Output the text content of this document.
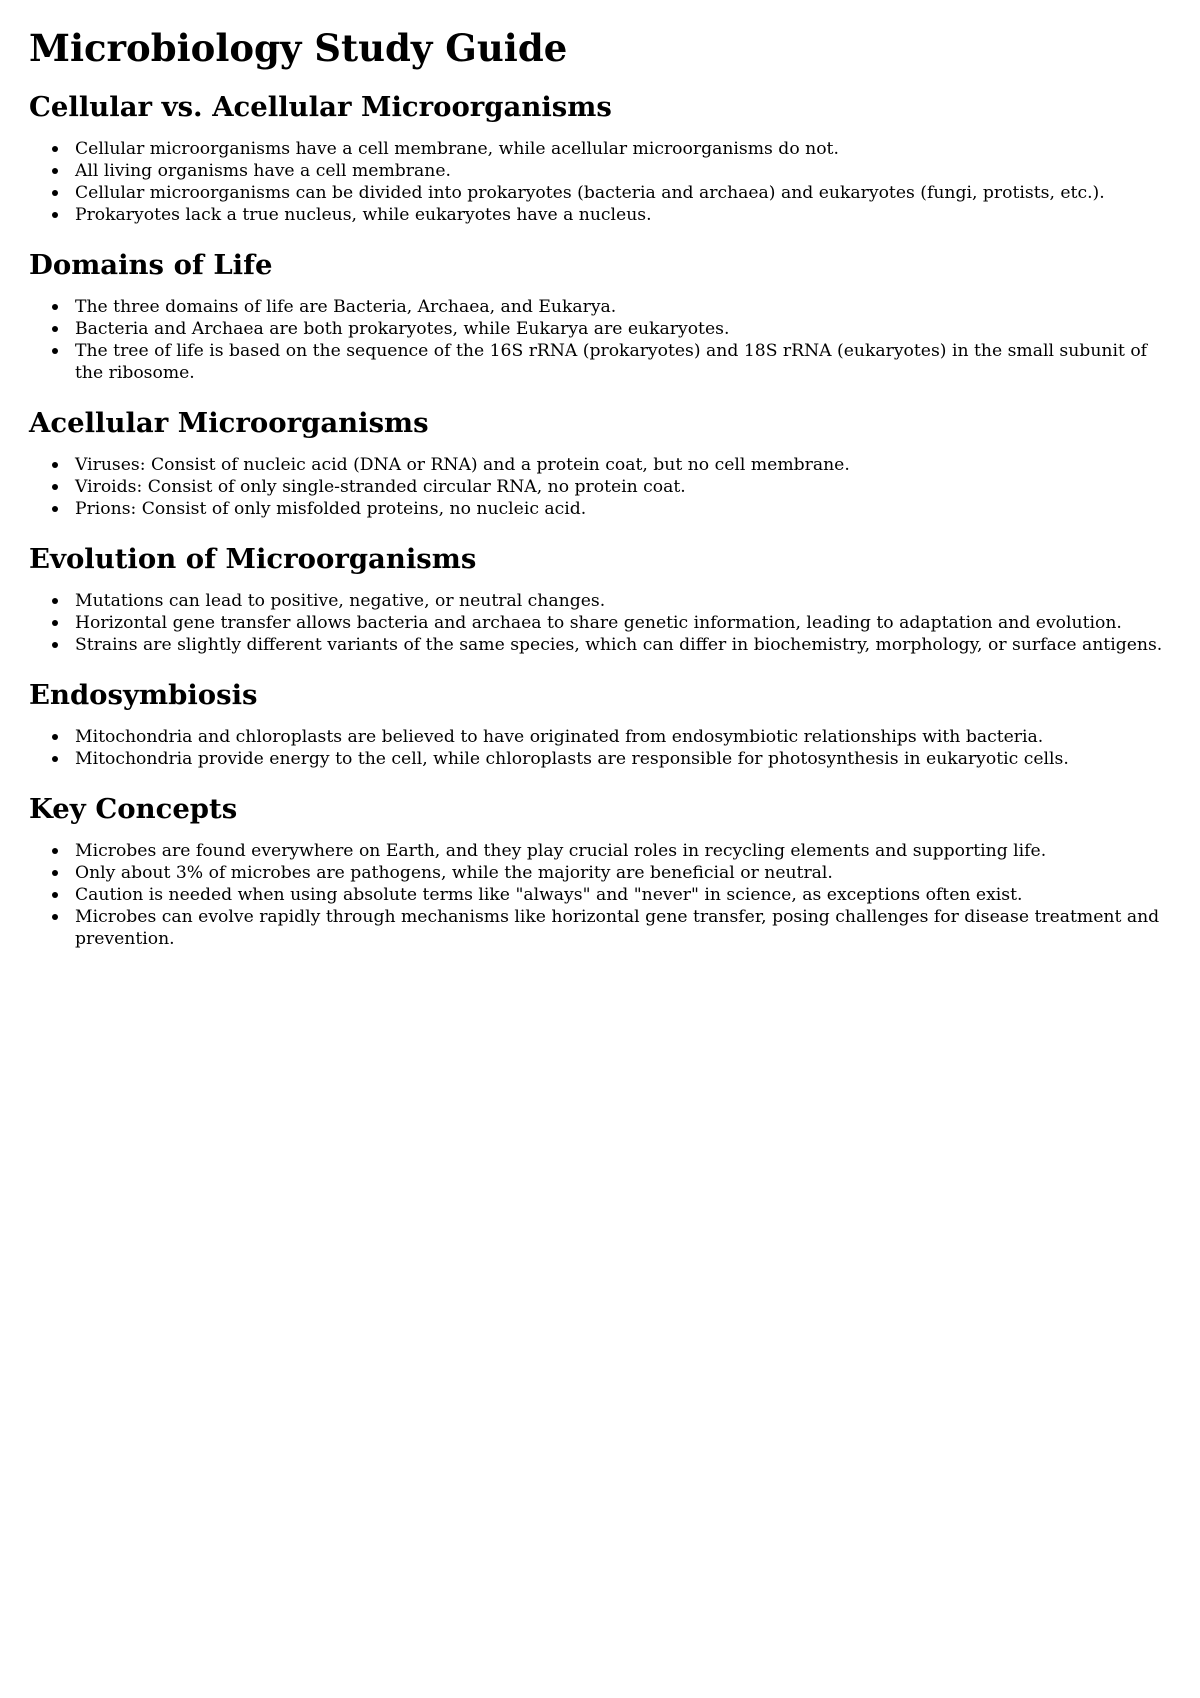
Microbiology Study Guide
Cellular vs. Acellular Microorganisms
Cellular microorganisms have a cell membrane, while acellular microorganisms do not.
All living organisms have a cell membrane.
Cellular microorganisms can be divided into prokaryotes (bacteria and archaea) and eukaryotes (fungi, protists, etc.).
Prokaryotes lack a true nucleus, while eukaryotes have a nucleus.
Domains of Life
The three domains of life are Bacteria, Archaea, and Eukarya.
Bacteria and Archaea are both prokaryotes, while Eukarya are eukaryotes.
The tree of life is based on the sequence of the 16S rRNA (prokaryotes) and 18S rRNA (eukaryotes) in the small subunit of the ribosome.
Acellular Microorganisms
Viruses: Consist of nucleic acid (DNA or RNA) and a protein coat, but no cell membrane.
Viroids: Consist of only single-stranded circular RNA, no protein coat.
Prions: Consist of only misfolded proteins, no nucleic acid.
Evolution of Microorganisms
Mutations can lead to positive, negative, or neutral changes.
Horizontal gene transfer allows bacteria and archaea to share genetic information, leading to adaptation and evolution.
Strains are slightly different variants of the same species, which can differ in biochemistry, morphology, or surface antigens.
Endosymbiosis
Mitochondria and chloroplasts are believed to have originated from endosymbiotic relationships with bacteria.
Mitochondria provide energy to the cell, while chloroplasts are responsible for photosynthesis in eukaryotic cells.
Key Concepts
Microbes are found everywhere on Earth, and they play crucial roles in recycling elements and supporting life.
Only about 3% of microbes are pathogens, while the majority are beneficial or neutral.
Caution is needed when using absolute terms like "always" and "never" in science, as exceptions often exist.
Microbes can evolve rapidly through mechanisms like horizontal gene transfer, posing challenges for disease treatment and prevention.
